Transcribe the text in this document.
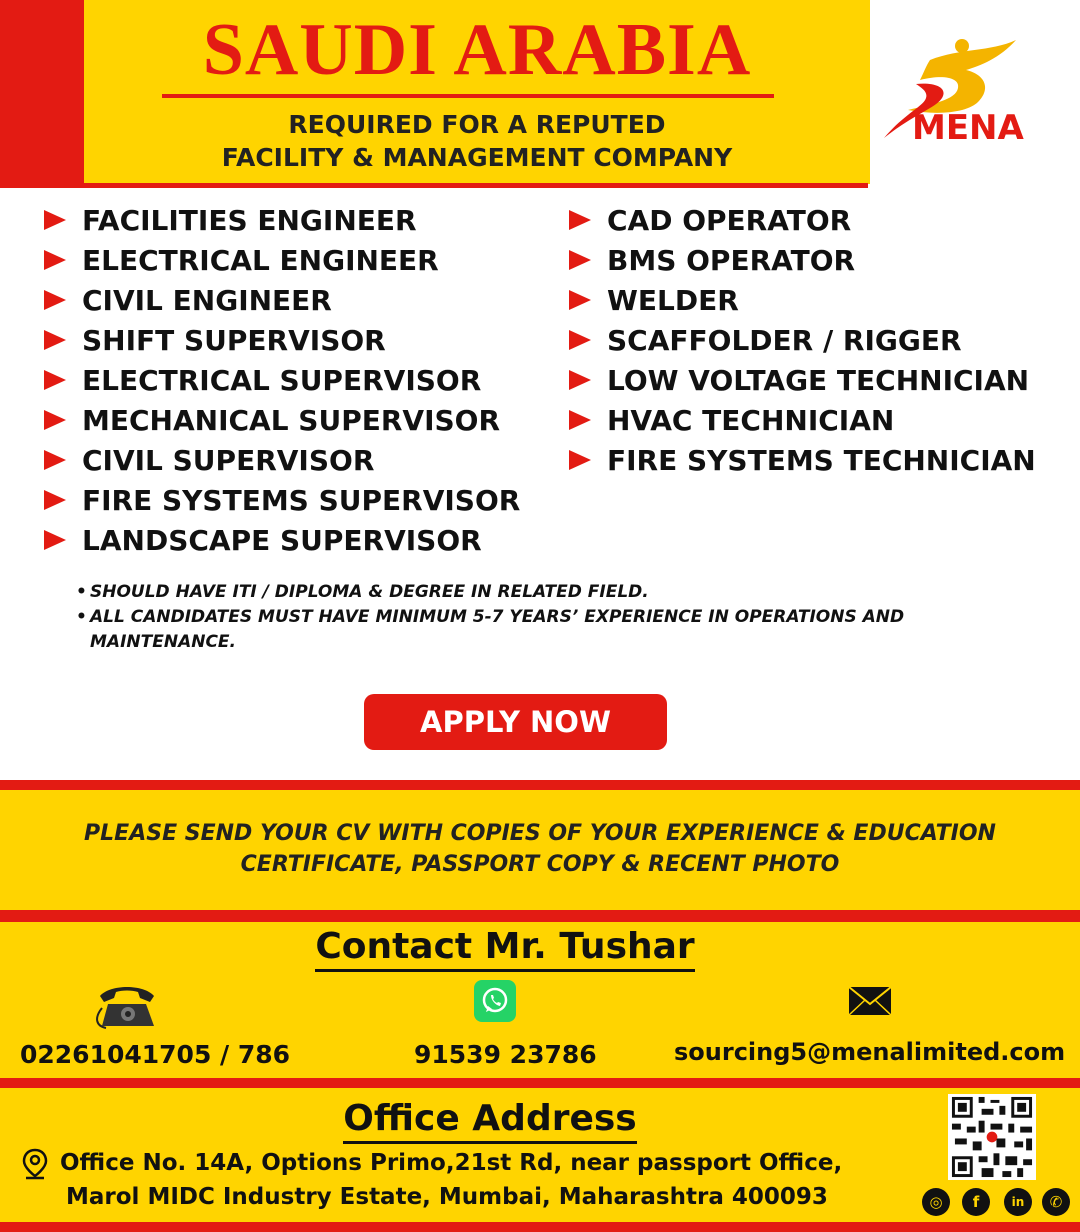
SAUDI ARABIA
REQUIRED FOR A REPUTED
FACILITY & MANAGEMENT COMPANY
MENA
FACILITIES ENGINEER
ELECTRICAL ENGINEER
CIVIL ENGINEER
SHIFT SUPERVISOR
ELECTRICAL SUPERVISOR
MECHANICAL SUPERVISOR
CIVIL SUPERVISOR
FIRE SYSTEMS SUPERVISOR
LANDSCAPE SUPERVISOR
CAD OPERATOR
BMS OPERATOR
WELDER
SCAFFOLDER / RIGGER
LOW VOLTAGE TECHNICIAN
HVAC TECHNICIAN
FIRE SYSTEMS TECHNICIAN
• SHOULD HAVE ITI / DIPLOMA & DEGREE IN RELATED FIELD.
• ALL CANDIDATES MUST HAVE MINIMUM 5-7 YEARS’ EXPERIENCE IN OPERATIONS AND MAINTENANCE.
APPLY NOW
PLEASE SEND YOUR CV WITH COPIES OF YOUR EXPERIENCE & EDUCATION
CERTIFICATE, PASSPORT COPY & RECENT PHOTO
Contact Mr. Tushar
02261041705 / 786	91539 23786	sourcing5@menalimited.com
Office Address
Office No. 14A, Options Primo,21st Rd, near passport Office,
Marol MIDC Industry Estate, Mumbai, Maharashtra 400093	◎	f	in	✆
